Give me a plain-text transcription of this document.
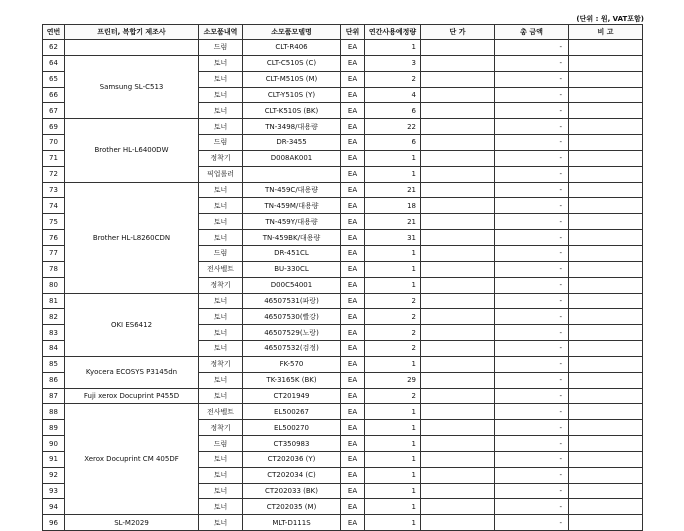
(단위 : 원, VAT포함)
연번	프린터, 복합기 제조사	소모품내역	소모품모델명	단위	연간사용예정량	단 가	총 금액	비 고
62		드럼	CLT-R406	EA	1		-	
64	Samsung SL-C513	토너	CLT-C510S (C)	EA	3		-	
65		토너	CLT-M510S (M)	EA	2		-	
66		토너	CLT-Y510S (Y)	EA	4		-	
67		토너	CLT-K510S (BK)	EA	6		-	
69	Brother HL-L6400DW	토너	TN-3498/대용량	EA	22		-	
70		드럼	DR-3455	EA	6		-	
71		정착기	D008AK001	EA	1		-	
72		픽업롤러		EA	1		-	
73	Brother HL-L8260CDN	토너	TN-459C/대용량	EA	21		-	
74		토너	TN-459M/대용량	EA	18		-	
75		토너	TN-459Y/대용량	EA	21		-	
76		토너	TN-459BK/대용량	EA	31		-	
77		드럼	DR-451CL	EA	1		-	
78		전사벨트	BU-330CL	EA	1		-	
80		정착기	D00C54001	EA	1		-	
81	OKI ES6412	토너	46507531(파랑)	EA	2		-	
82		토너	46507530(빨강)	EA	2		-	
83		토너	46507529(노랑)	EA	2		-	
84		토너	46507532(검정)	EA	2		-	
85	Kyocera ECOSYS P3145dn	정착기	FK-570	EA	1		-	
86		토너	TK-3165K (BK)	EA	29		-	
87	Fuji xerox Docuprint P455D	토너	CT201949	EA	2		-	
88	Xerox Docuprint CM 405DF	전사벨트	EL500267	EA	1		-	
89		정착기	EL500270	EA	1		-	
90		드럼	CT350983	EA	1		-	
91		토너	CT202036 (Y)	EA	1		-	
92		토너	CT202034 (C)	EA	1		-	
93		토너	CT202033 (BK)	EA	1		-	
94		토너	CT202035 (M)	EA	1		-	
96	SL-M2029	토너	MLT-D111S	EA	1		-	
